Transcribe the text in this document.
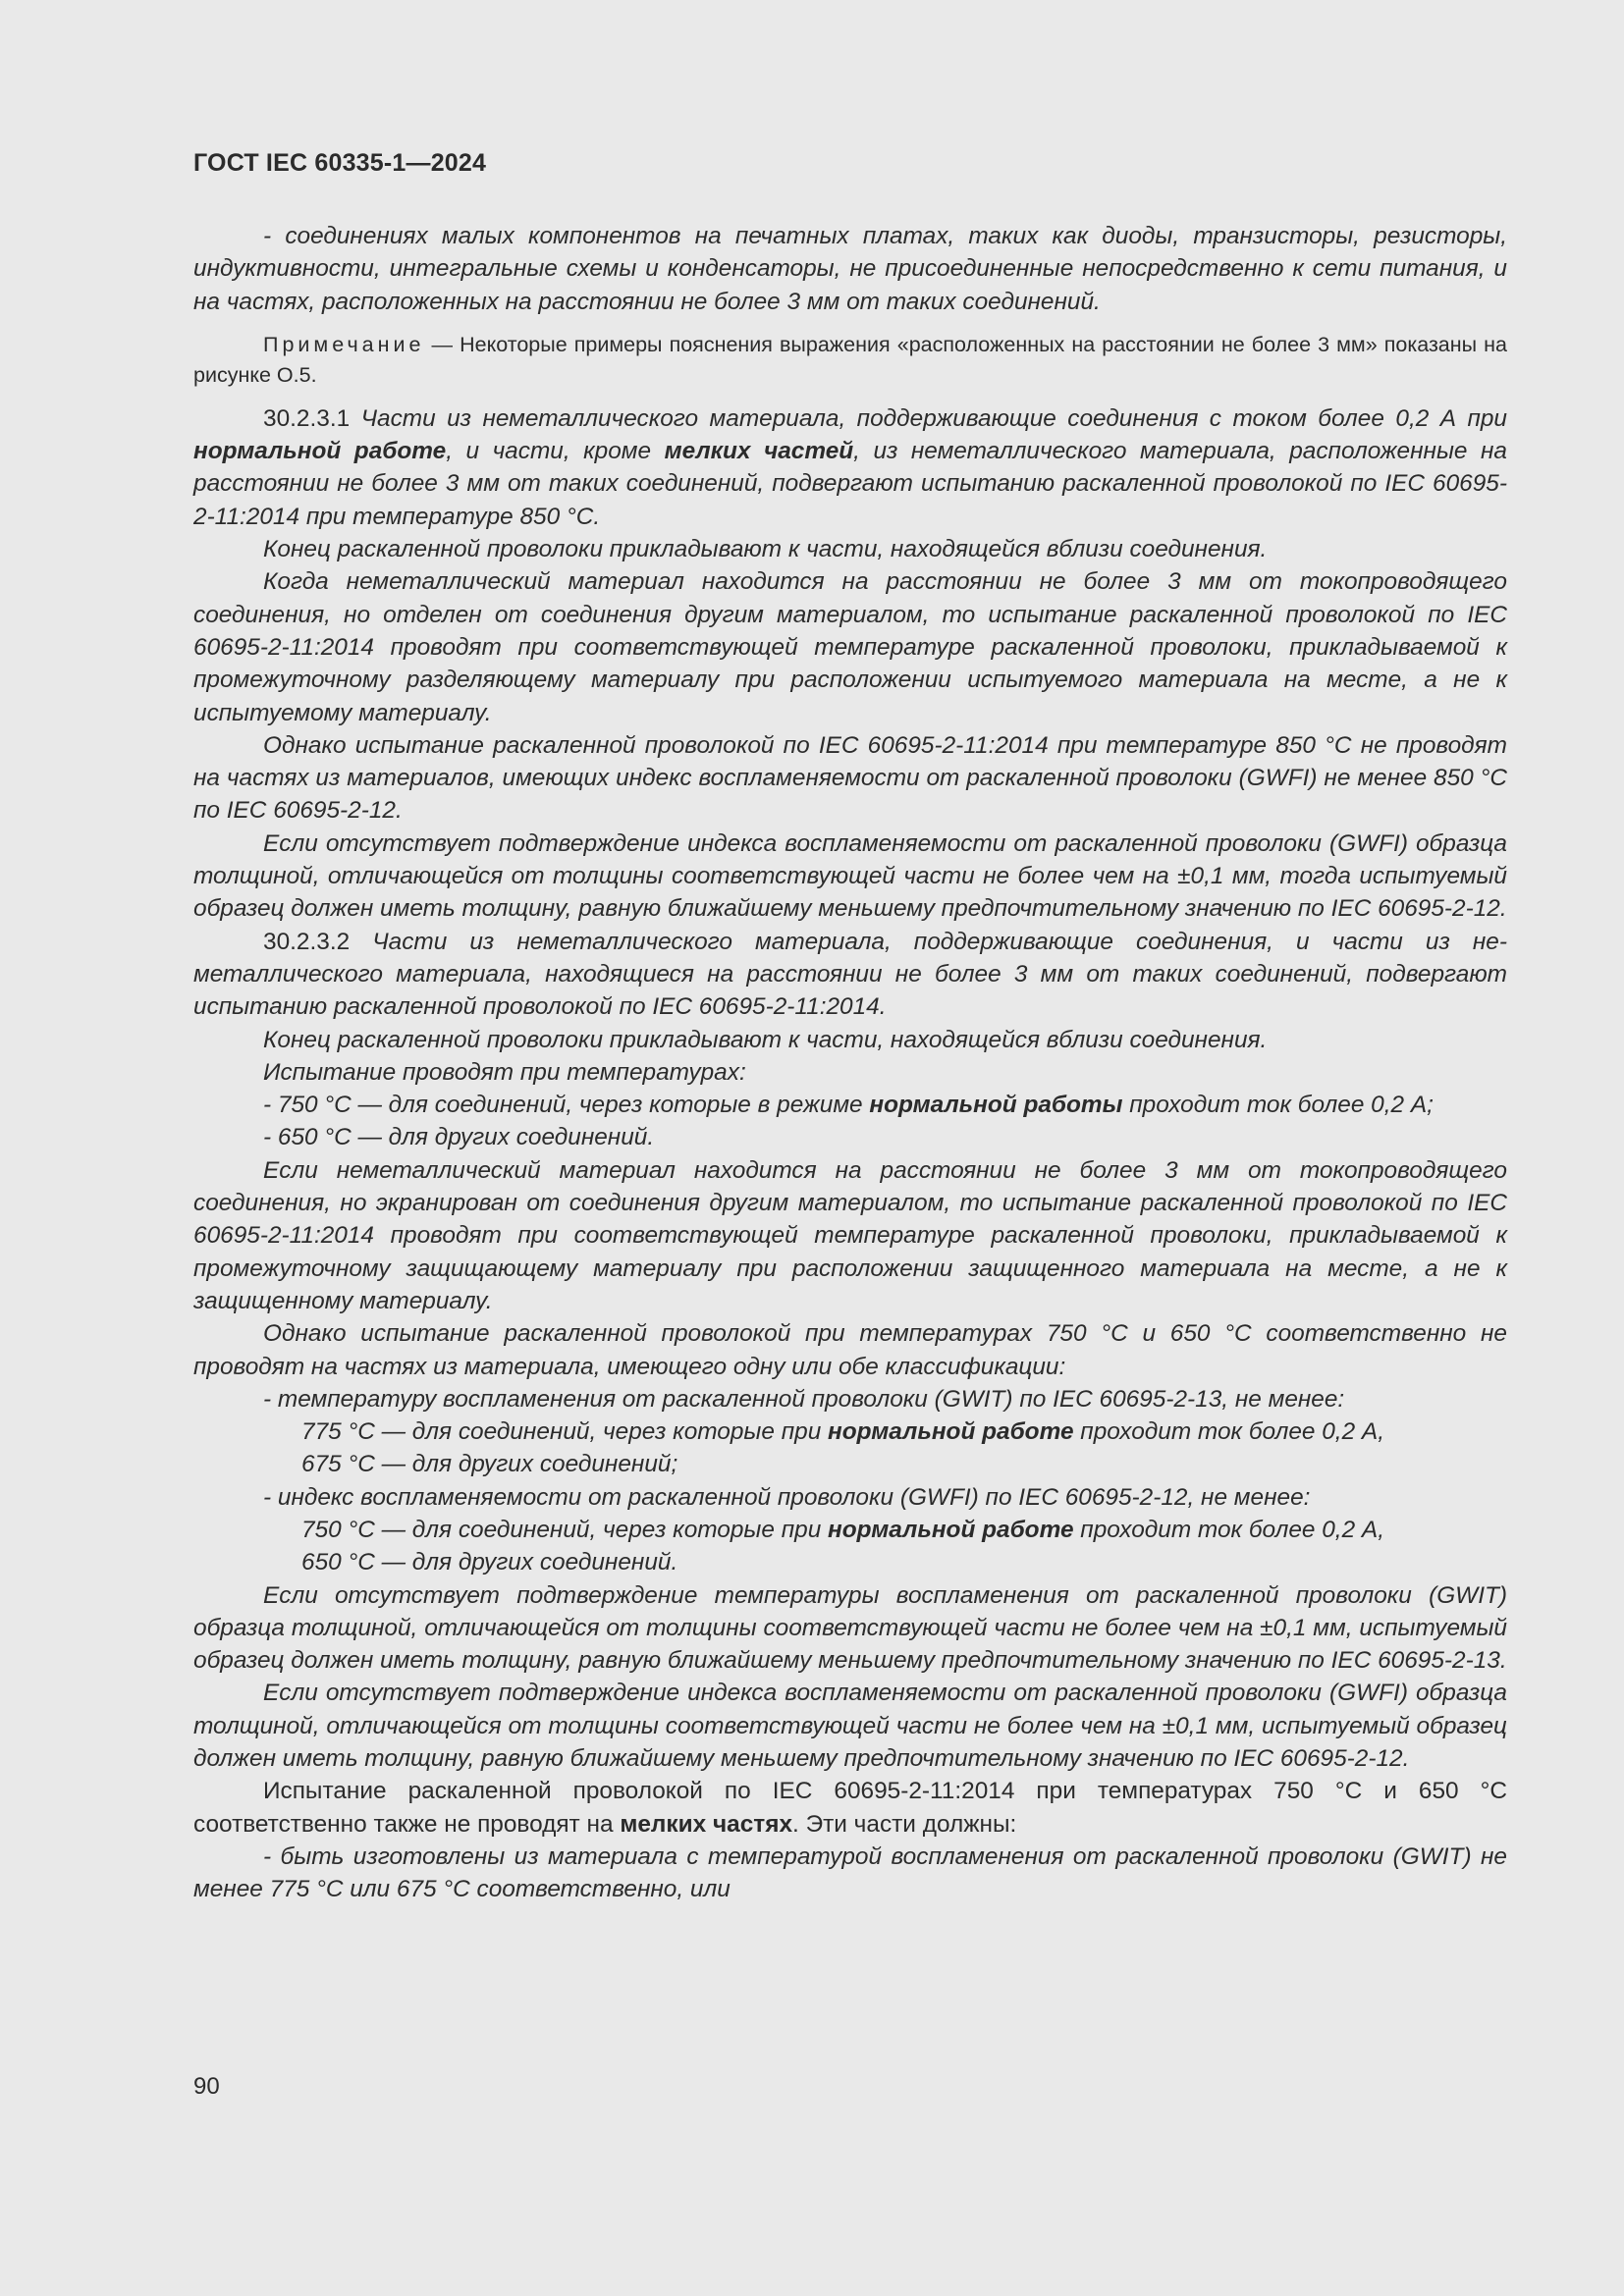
ГОСТ IEC 60335-1—2024

- соединениях малых компонентов на печатных платах, таких как диоды, транзисторы, резисторы, индуктивности, интегральные схемы и конденсаторы, не присоединенные непосредственно к сети питания, и на частях, расположенных на расстоянии не более 3 мм от таких соединений.

Примечание — Некоторые примеры пояснения выражения «расположенных на расстоянии не более 3 мм» показаны на рисунке О.5.

30.2.3.1 Части из неметаллического материала, поддерживающие соединения с током более 0,2 А при нормальной работе, и части, кроме мелких частей, из неметаллического материала, расположенные на расстоянии не более 3 мм от таких соединений, подвергают испытанию раскаленной проволокой по IEC 60695-2-11:2014 при температуре 850 °С.

Конец раскаленной проволоки прикладывают к части, находящейся вблизи соединения.

Когда неметаллический материал находится на расстоянии не более 3 мм от токопроводящего соединения, но отделен от соединения другим материалом, то испытание раскаленной проволокой по IEC 60695-2-11:2014 проводят при соответствующей температуре раскаленной проволоки, прикладываемой к промежуточному разделяющему материалу при расположении испытуемого материала на месте, а не к испытуемому материалу.

Однако испытание раскаленной проволокой по IEC 60695-2-11:2014 при температуре 850 °С не проводят на частях из материалов, имеющих индекс воспламеняемости от раскаленной проволоки (GWFI) не менее 850 °С по IEC 60695-2-12.

Если отсутствует подтверждение индекса воспламеняемости от раскаленной проволоки (GWFI) образца толщиной, отличающейся от толщины соответствующей части не более чем на ±0,1 мм, тогда испытуемый образец должен иметь толщину, равную ближайшему меньшему предпочтительному значению по IEC 60695-2-12.

30.2.3.2 Части из неметаллического материала, поддерживающие соединения, и части из неметаллического материала, находящиеся на расстоянии не более 3 мм от таких соединений, подвергают испытанию раскаленной проволокой по IEC 60695-2-11:2014.

Конец раскаленной проволоки прикладывают к части, находящейся вблизи соединения.

Испытание проводят при температурах:

- 750 °С — для соединений, через которые в режиме нормальной работы проходит ток более 0,2 А;

- 650 °С — для других соединений.

Если неметаллический материал находится на расстоянии не более 3 мм от токопроводящего соединения, но экранирован от соединения другим материалом, то испытание раскаленной проволокой по IEC 60695-2-11:2014 проводят при соответствующей температуре раскаленной проволоки, прикладываемой к промежуточному защищающему материалу при расположении защищенного материала на месте, а не к защищенному материалу.

Однако испытание раскаленной проволокой при температурах 750 °С и 650 °С соответственно не проводят на частях из материала, имеющего одну или обе классификации:

- температуру воспламенения от раскаленной проволоки (GWIT) по IEC 60695-2-13, не менее:

775 °С — для соединений, через которые при нормальной работе проходит ток более 0,2 А,

675 °С — для других соединений;

- индекс воспламеняемости от раскаленной проволоки (GWFI) по IEC 60695-2-12, не менее:

750 °С — для соединений, через которые при нормальной работе проходит ток более 0,2 А,

650 °С — для других соединений.

Если отсутствует подтверждение температуры воспламенения от раскаленной проволоки (GWIT) образца толщиной, отличающейся от толщины соответствующей части не более чем на ±0,1 мм, испытуемый образец должен иметь толщину, равную ближайшему меньшему предпочтительному значению по IEC 60695-2-13.

Если отсутствует подтверждение индекса воспламеняемости от раскаленной проволоки (GWFI) образца толщиной, отличающейся от толщины соответствующей части не более чем на ±0,1 мм, испытуемый образец должен иметь толщину, равную ближайшему меньшему предпочтительному значению по IEC 60695-2-12.

Испытание раскаленной проволокой по IEC 60695-2-11:2014 при температурах 750 °С и 650 °С соответственно также не проводят на мелких частях. Эти части должны:

- быть изготовлены из материала с температурой воспламенения от раскаленной проволоки (GWIT) не менее 775 °С или 675 °С соответственно, или

90
